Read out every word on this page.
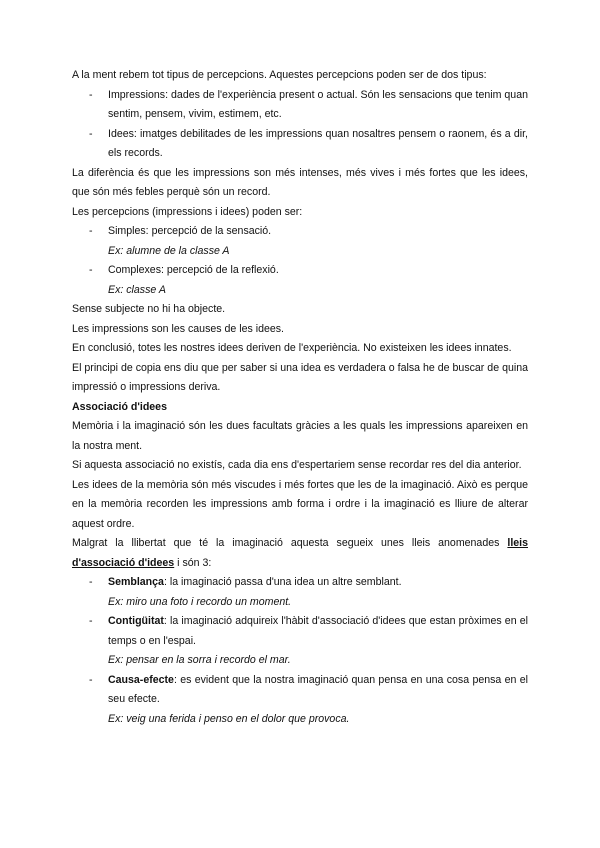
A la ment rebem tot tipus de percepcions. Aquestes percepcions poden ser de dos tipus:

- Impressions: dades de l'experiència present o actual. Són les sensacions que tenim quan sentim, pensem, vivim, estimem, etc.

- Idees: imatges debilitades de les impressions quan nosaltres pensem o raonem, és a dir, els records.

La diferència és que les impressions son més intenses, més vives i més fortes que les idees, que són més febles perquè són un record.

Les percepcions (impressions i idees) poden ser:

- Simples: percepció de la sensació.

Ex: alumne de la classe A

- Complexes: percepció de la reflexió.

Ex: classe A

Sense subjecte no hi ha objecte.

Les impressions son les causes de les idees.

En conclusió, totes les nostres idees deriven de l'experiència. No existeixen les idees innates.

El principi de copia ens diu que per saber si una idea es verdadera o falsa he de buscar de quina impressió o impressions deriva.

Associació d'idees

Memòria i la imaginació són les dues facultats gràcies a les quals les impressions apareixen en la nostra ment.

Si aquesta associació no existís, cada dia ens d'espertariem sense recordar res del dia anterior.

Les idees de la memòria són més viscudes i més fortes que les de la imaginació. Això es perque en la memòria recorden les impressions amb forma i ordre i la imaginació es lliure de alterar aquest ordre.

Malgrat la llibertat que té la imaginació aquesta segueix unes lleis anomenades lleis d'associació d'idees i són 3:

- Semblança: la imaginació passa d'una idea un altre semblant.

Ex: miro una foto i recordo un moment.

- Contigüitat: la imaginació adquireix l'hàbit d'associació d'idees que estan pròximes en el temps o en l'espai.

Ex: pensar en la sorra i recordo el mar.

- Causa-efecte: es evident que la nostra imaginació quan pensa en una cosa pensa en el seu efecte.

Ex: veig una ferida i penso en el dolor que provoca.
